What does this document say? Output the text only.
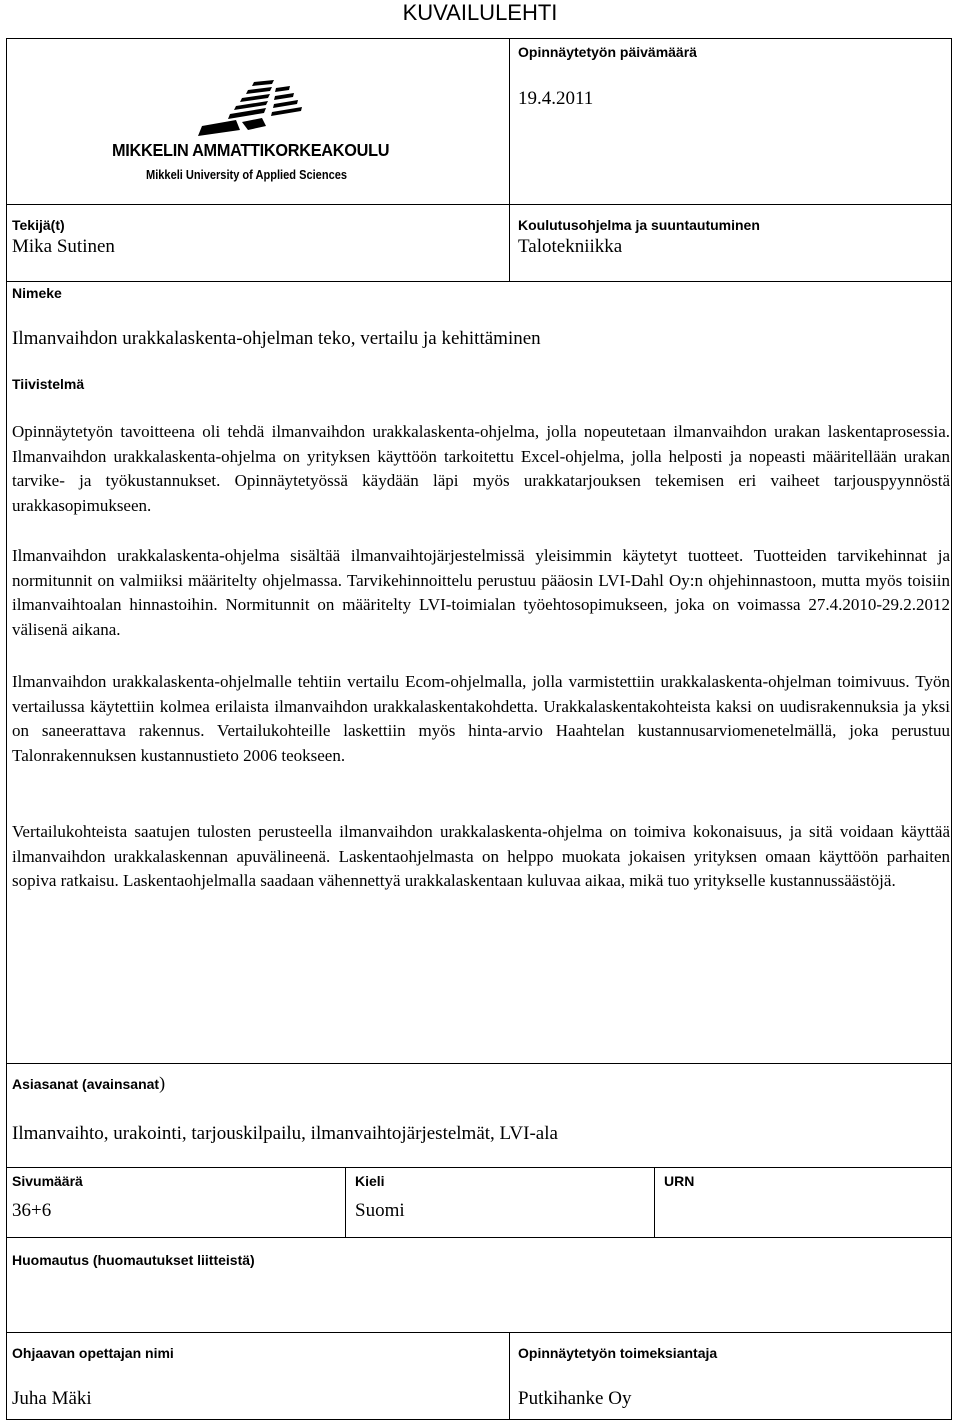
KUVAILULEHTI
MIKKELIN AMMATTIKORKEAKOULU
Mikkeli University of Applied Sciences
Opinnäytetyön päivämäärä
19.4.2011
Tekijä(t)
Mika Sutinen
Koulutusohjelma ja suuntautuminen
Talotekniikka
Nimeke
Ilmanvaihdon urakkalaskenta-ohjelman teko, vertailu ja kehittäminen
Tiivistelmä

Opinnäytetyön tavoitteena oli tehdä ilmanvaihdon urakkalaskenta-ohjelma, jolla nopeutetaan ilmanvaihdon urakan laskentaprosessia. Ilmanvaihdon urakkalaskenta-ohjelma on yrityksen käyttöön tarkoitettu Excel-ohjelma, jolla helposti ja nopeasti määritellään urakan tarvike- ja työkustannukset. Opinnäytetyössä käydään läpi myös urakkatarjouksen tekemisen eri vaiheet tarjouspyynnöstä urakkasopimukseen.

Ilmanvaihdon urakkalaskenta-ohjelma sisältää ilmanvaihtojärjestelmissä yleisimmin käytetyt tuotteet. Tuotteiden tarvikehinnat ja normitunnit on valmiiksi määritelty ohjelmassa. Tarvikehinnoittelu perustuu pääosin LVI-Dahl Oy:n ohjehinnastoon, mutta myös toisiin ilmanvaihtoalan hinnastoihin. Normitunnit on määritelty LVI-toimialan työehtosopimukseen, joka on voimassa 27.4.2010-29.2.2012 välisenä aikana.

Ilmanvaihdon urakkalaskenta-ohjelmalle tehtiin vertailu Ecom-ohjelmalla, jolla varmistettiin urakkalaskenta-ohjelman toimivuus. Työn vertailussa käytettiin kolmea erilaista ilmanvaihdon urakkalaskentakohdetta. Urakkalaskentakohteista kaksi on uudisrakennuksia ja yksi on saneerattava rakennus. Vertailukohteille laskettiin myös hinta-arvio Haahtelan kustannusarviomenetelmällä, joka perustuu Talonrakennuksen kustannustieto 2006 teokseen.

Vertailukohteista saatujen tulosten perusteella ilmanvaihdon urakkalaskenta-ohjelma on toimiva kokonaisuus, ja sitä voidaan käyttää ilmanvaihdon urakkalaskennan apuvälineenä. Laskentaohjelmasta on helppo muokata jokaisen yrityksen omaan käyttöön parhaiten sopiva ratkaisu. Laskentaohjelmalla saadaan vähennettyä urakkalaskentaan kuluvaa aikaa, mikä tuo yritykselle kustannussäästöjä.

Asiasanat (avainsanat)
Ilmanvaihto, urakointi, tarjouskilpailu, ilmanvaihtojärjestelmät, LVI-ala
Sivumäärä
36+6
Kieli
Suomi
URN
Huomautus (huomautukset liitteistä)
Ohjaavan opettajan nimi
Juha Mäki
Opinnäytetyön toimeksiantaja
Putkihanke Oy
